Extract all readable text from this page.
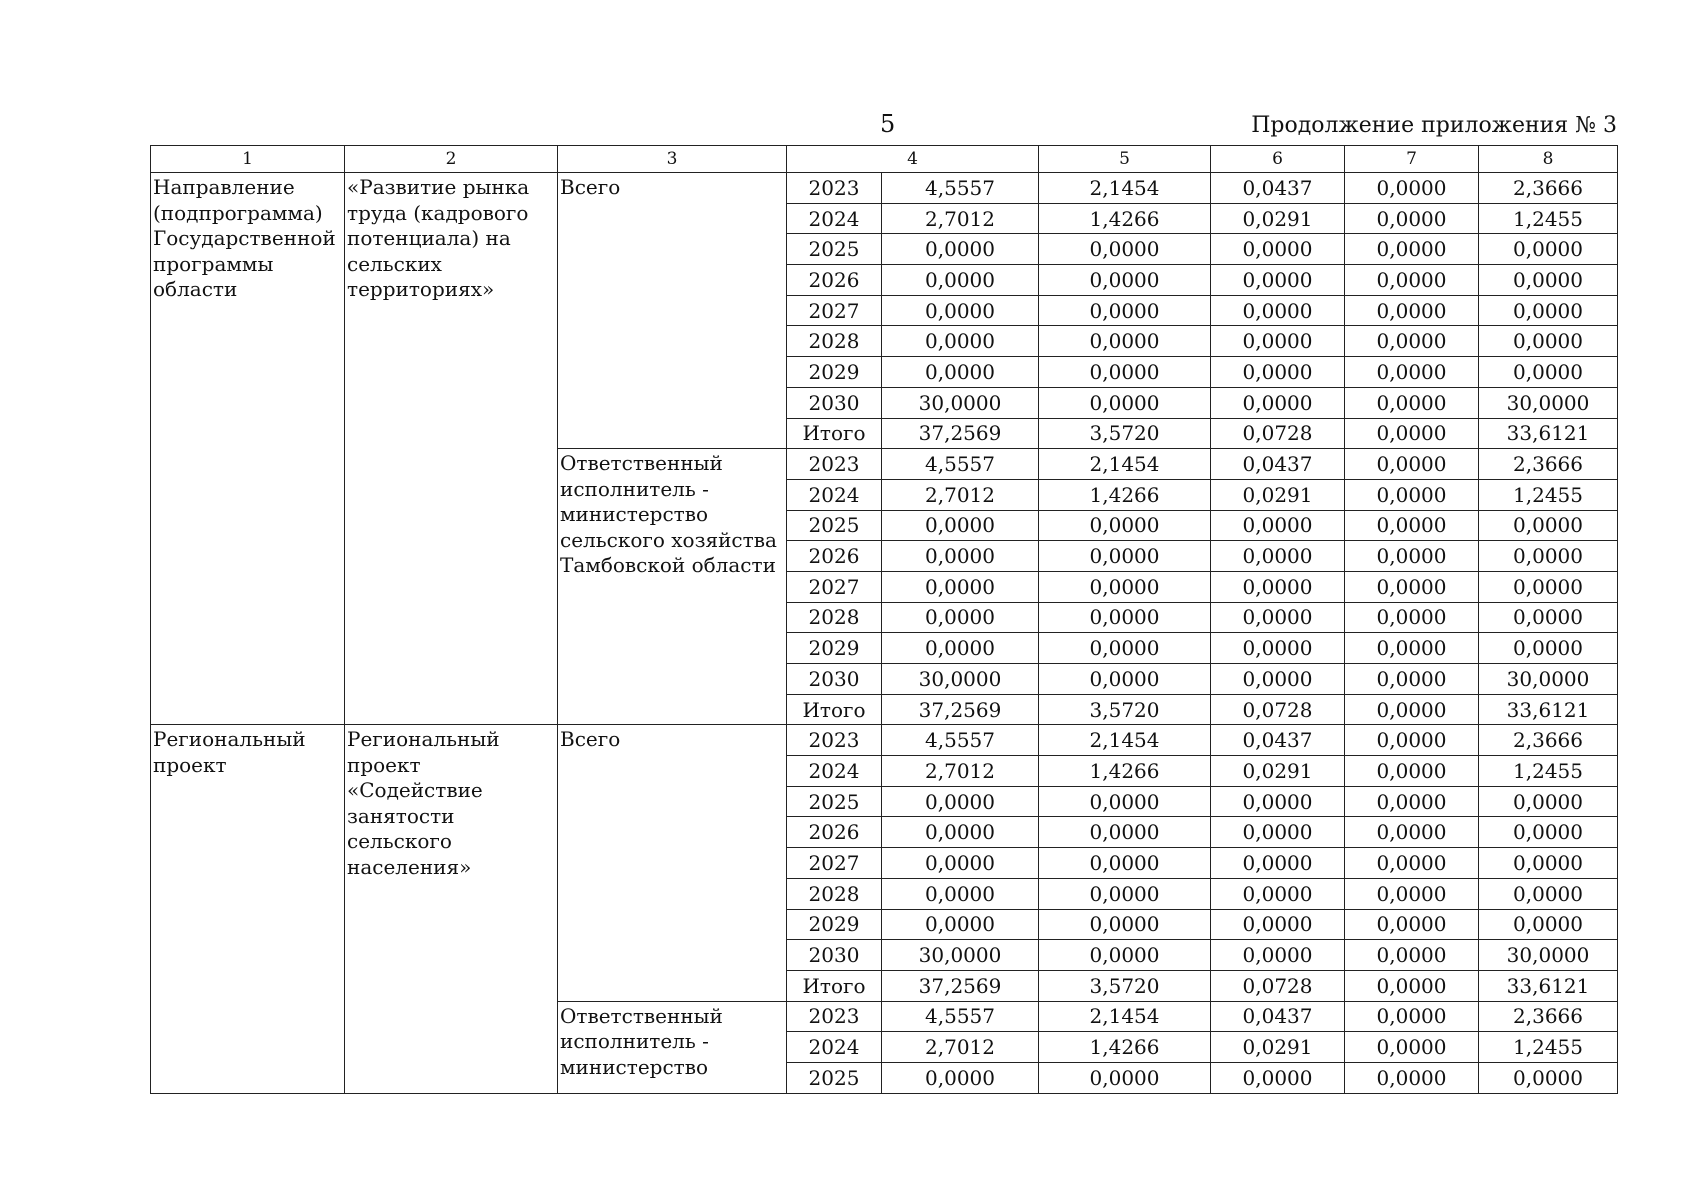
5	Продолжение приложения № 3
1	2	3	4		5	6	7	8
Направление (подпрограмма) Государственной программы области	«Развитие рынка труда (кадрового потенциала) на сельских территориях»	Всего	2023	4,5557	2,1454	0,0437	0,0000	2,3666
			2024	2,7012	1,4266	0,0291	0,0000	1,2455
			2025	0,0000	0,0000	0,0000	0,0000	0,0000
			2026	0,0000	0,0000	0,0000	0,0000	0,0000
			2027	0,0000	0,0000	0,0000	0,0000	0,0000
			2028	0,0000	0,0000	0,0000	0,0000	0,0000
			2029	0,0000	0,0000	0,0000	0,0000	0,0000
			2030	30,0000	0,0000	0,0000	0,0000	30,0000
			Итого	37,2569	3,5720	0,0728	0,0000	33,6121
		Ответственный исполнитель - министерство сельского хозяйства Тамбовской области	2023	4,5557	2,1454	0,0437	0,0000	2,3666
			2024	2,7012	1,4266	0,0291	0,0000	1,2455
			2025	0,0000	0,0000	0,0000	0,0000	0,0000
			2026	0,0000	0,0000	0,0000	0,0000	0,0000
			2027	0,0000	0,0000	0,0000	0,0000	0,0000
			2028	0,0000	0,0000	0,0000	0,0000	0,0000
			2029	0,0000	0,0000	0,0000	0,0000	0,0000
			2030	30,0000	0,0000	0,0000	0,0000	30,0000
			Итого	37,2569	3,5720	0,0728	0,0000	33,6121
Региональный проект	Региональный проект «Содействие занятости сельского населения»	Всего	2023	4,5557	2,1454	0,0437	0,0000	2,3666
			2024	2,7012	1,4266	0,0291	0,0000	1,2455
			2025	0,0000	0,0000	0,0000	0,0000	0,0000
			2026	0,0000	0,0000	0,0000	0,0000	0,0000
			2027	0,0000	0,0000	0,0000	0,0000	0,0000
			2028	0,0000	0,0000	0,0000	0,0000	0,0000
			2029	0,0000	0,0000	0,0000	0,0000	0,0000
			2030	30,0000	0,0000	0,0000	0,0000	30,0000
			Итого	37,2569	3,5720	0,0728	0,0000	33,6121
		Ответственный исполнитель - министерство	2023	4,5557	2,1454	0,0437	0,0000	2,3666
			2024	2,7012	1,4266	0,0291	0,0000	1,2455
			2025	0,0000	0,0000	0,0000	0,0000	0,0000
